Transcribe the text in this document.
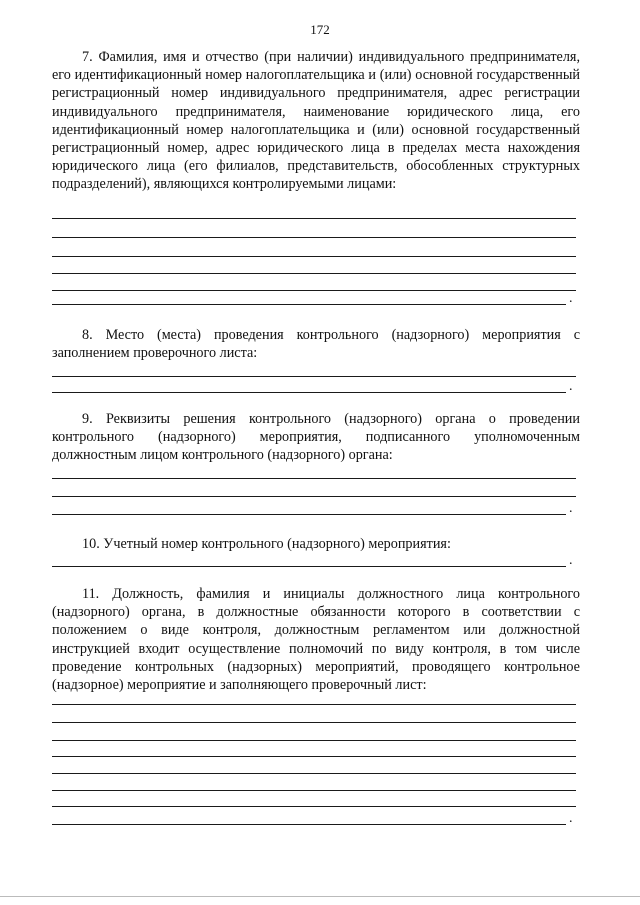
172

7. Фамилия, имя и отчество (при наличии) индивидуального предпринимателя, его идентификационный номер налогоплательщика и (или) основной государственный регистрационный номер индивидуального предпринимателя, адрес регистрации индивидуального предпринимателя, наименование юридического лица, его идентификационный номер налогоплательщика и (или) основной государственный регистрационный номер, адрес юридического лица в пределах места нахождения юридического лица (его филиалов, представительств, обособленных структурных подразделений), являющихся контролируемыми лицами:

.

8. Место (места) проведения контрольного (надзорного) мероприятия с заполнением проверочного листа:

.

9. Реквизиты решения контрольного (надзорного) органа о проведении контрольного (надзорного) мероприятия, подписанного уполномоченным должностным лицом контрольного (надзорного) органа:

.

10. Учетный номер контрольного (надзорного) мероприятия:

.

11. Должность, фамилия и инициалы должностного лица контрольного (надзорного) органа, в должностные обязанности которого в соответствии с положением о виде контроля, должностным регламентом или должностной инструкцией входит осуществление полномочий по виду контроля, в том числе проведение контрольных (надзорных) мероприятий, проводящего контрольное (надзорное) мероприятие и заполняющего проверочный лист:

.
